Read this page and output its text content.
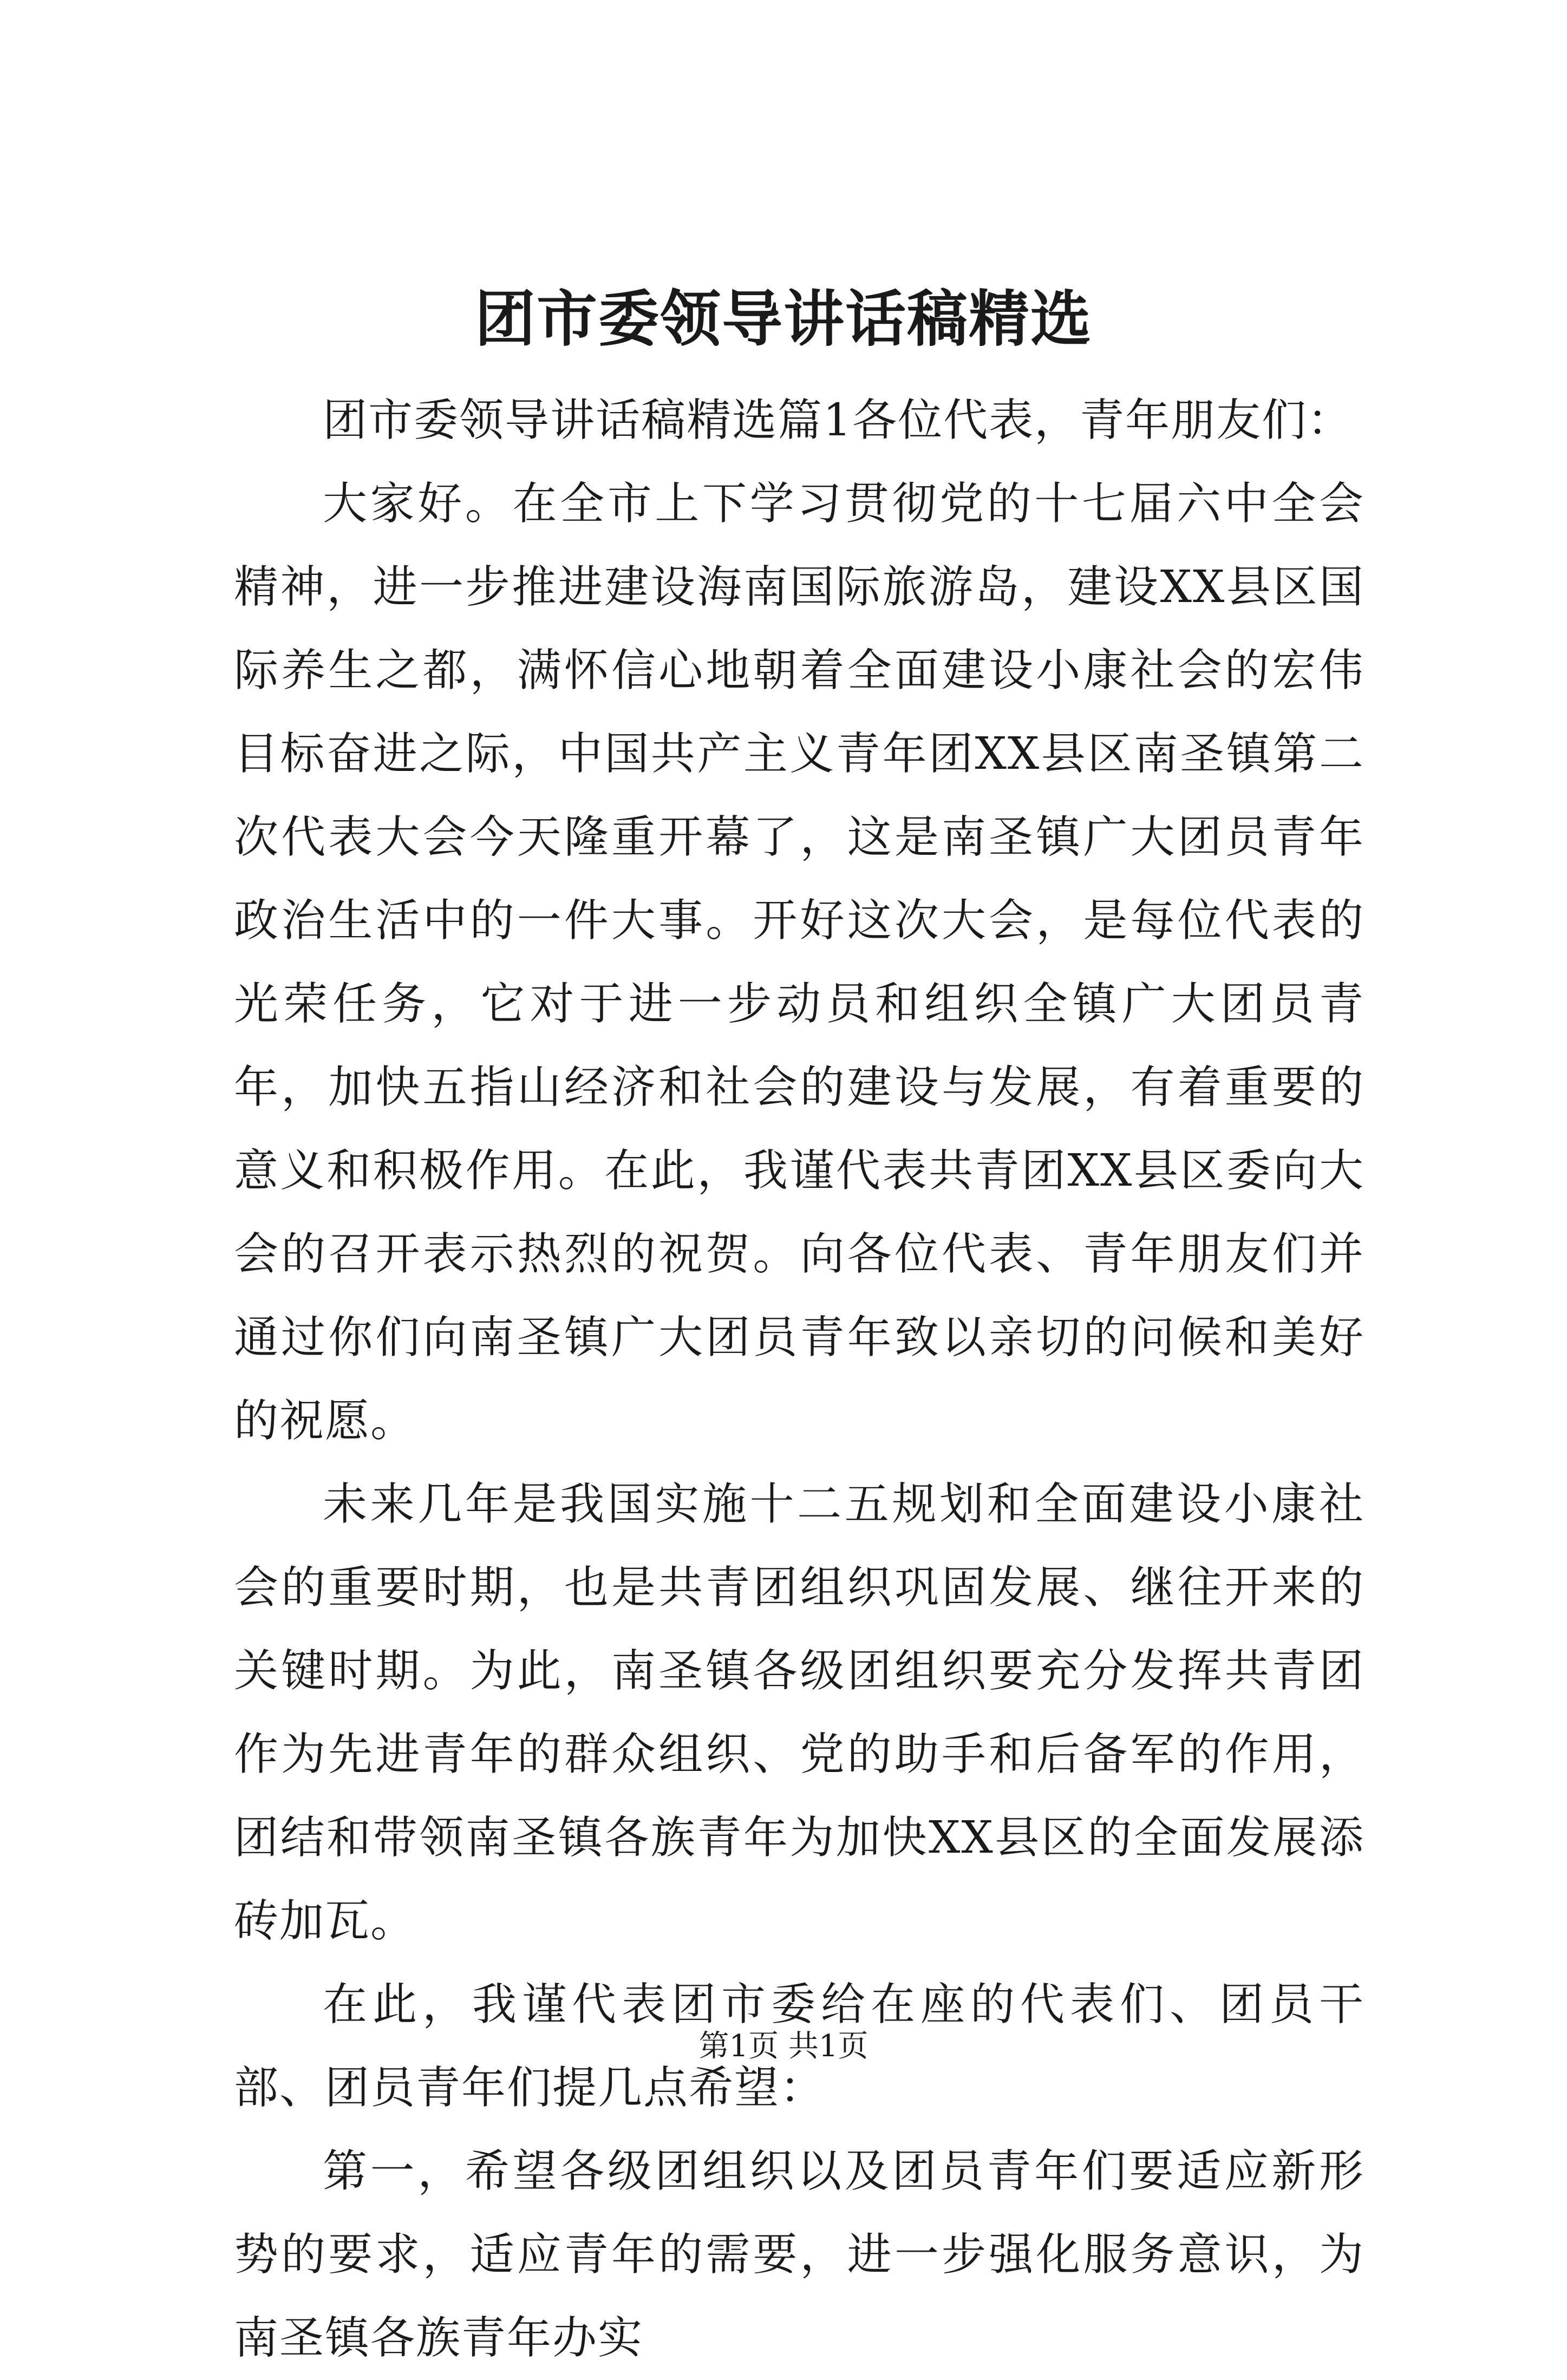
团市委领导讲话稿精选

团市委领导讲话稿精选篇1各位代表，青年朋友们：

大家好。在全市上下学习贯彻党的十七届六中全会精神，进一步推进建设海南国际旅游岛，建设XX县区国际养生之都，满怀信心地朝着全面建设小康社会的宏伟目标奋进之际，中国共产主义青年团XX县区南圣镇第二次代表大会今天隆重开幕了，这是南圣镇广大团员青年政治生活中的一件大事。开好这次大会，是每位代表的光荣任务，它对于进一步动员和组织全镇广大团员青年，加快五指山经济和社会的建设与发展，有着重要的意义和积极作用。在此，我谨代表共青团XX县区委向大会的召开表示热烈的祝贺。向各位代表、青年朋友们并通过你们向南圣镇广大团员青年致以亲切的问候和美好的祝愿。

未来几年是我国实施十二五规划和全面建设小康社会的重要时期，也是共青团组织巩固发展、继往开来的关键时期。为此，南圣镇各级团组织要充分发挥共青团作为先进青年的群众组织、党的助手和后备军的作用，团结和带领南圣镇各族青年为加快XX县区的全面发展添砖加瓦。

在此，我谨代表团市委给在座的代表们、团员干部、团员青年们提几点希望：

第一，希望各级团组织以及团员青年们要适应新形势的要求，适应青年的需要，进一步强化服务意识，为南圣镇各族青年办实

第1页 共1页
